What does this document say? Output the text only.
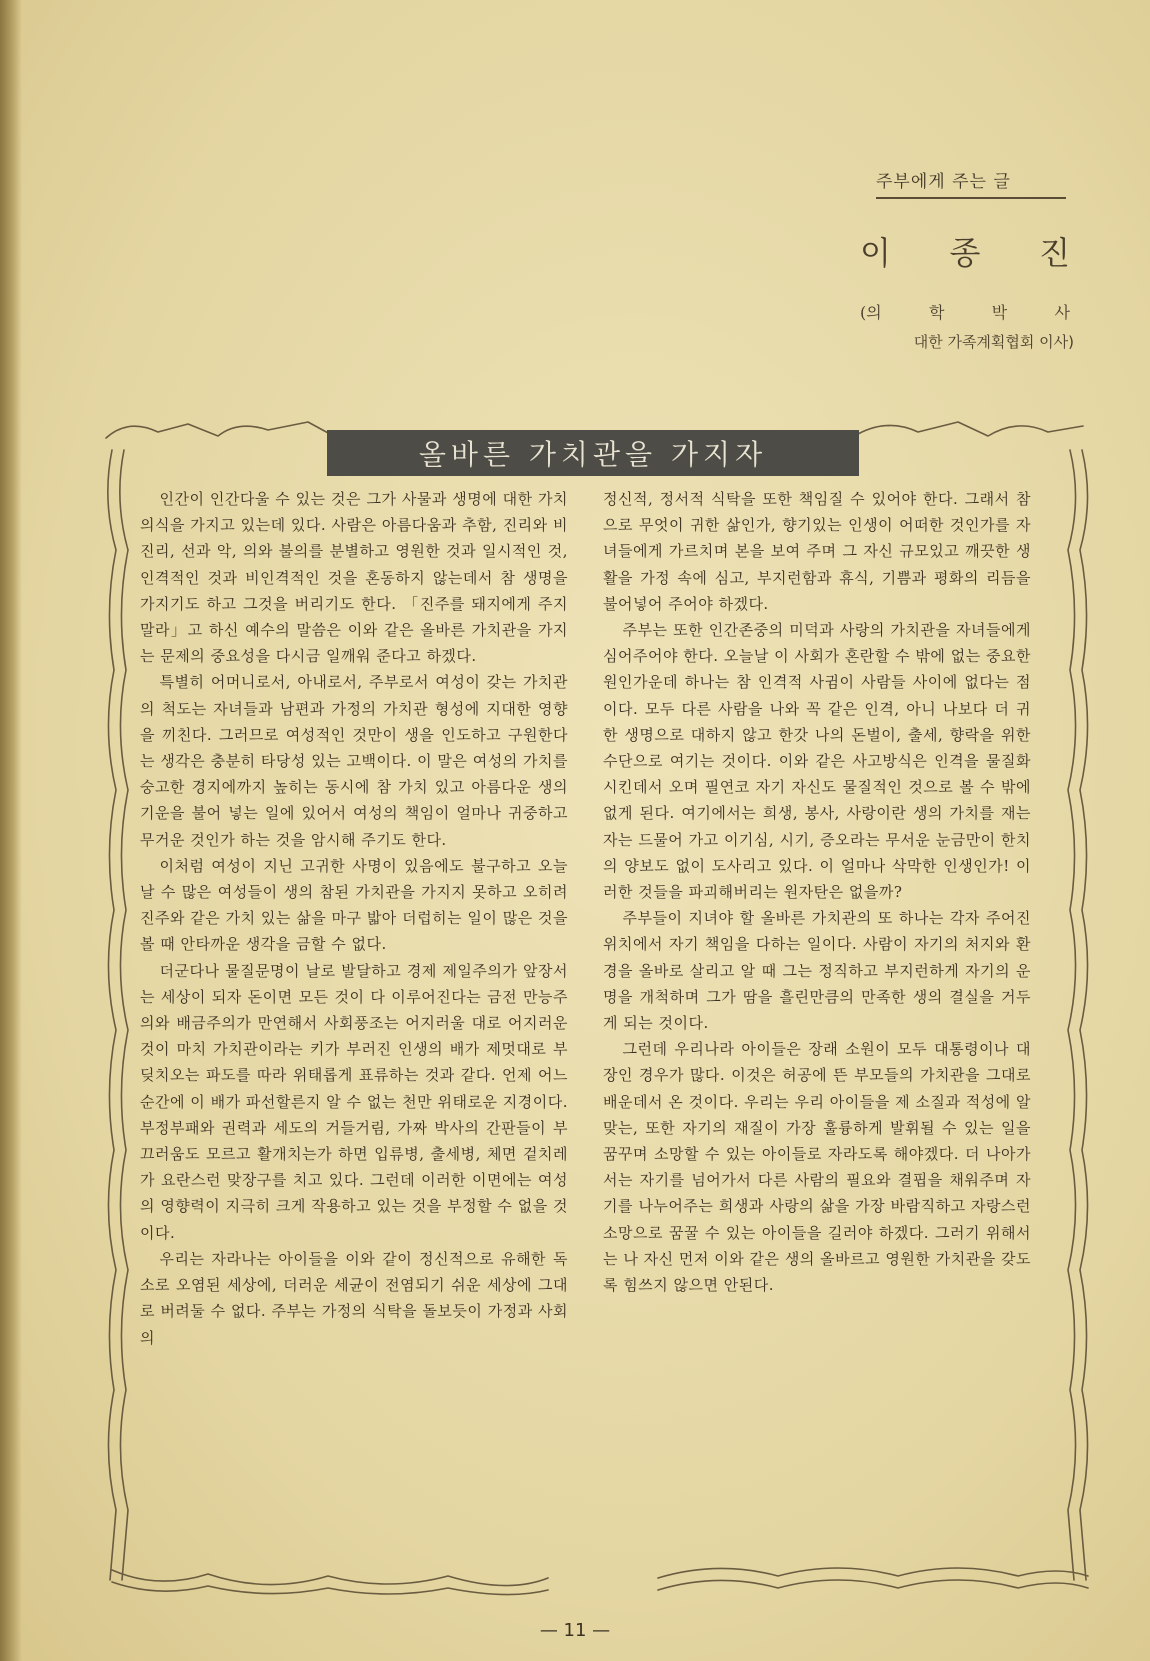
주부에게 주는 글
이 종 진
(의	학	박	사
대한 가족계획협회 이사)
올바른 가치관을 가지자

인간이 인간다울 수 있는 것은 그가 사물과 생명에 대한 가치의식을 가지고 있는데 있다. 사람은 아름다움과 추함, 진리와 비진리, 선과 악, 의와 불의를 분별하고 영원한 것과 일시적인 것, 인격적인 것과 비인격적인 것을 혼동하지 않는데서 참 생명을 가지기도 하고 그것을 버리기도 한다. 「진주를 돼지에게 주지 말라」고 하신 예수의 말씀은 이와 같은 올바른 가치관을 가지는 문제의 중요성을 다시금 일깨워 준다고 하겠다.

특별히 어머니로서, 아내로서, 주부로서 여성이 갖는 가치관의 척도는 자녀들과 남편과 가정의 가치관 형성에 지대한 영향을 끼친다. 그러므로 여성적인 것만이 생을 인도하고 구원한다는 생각은 충분히 타당성 있는 고백이다. 이 말은 여성의 가치를 숭고한 경지에까지 높히는 동시에 참 가치 있고 아름다운 생의 기운을 불어 넣는 일에 있어서 여성의 책임이 얼마나 귀중하고 무거운 것인가 하는 것을 암시해 주기도 한다.

이처럼 여성이 지닌 고귀한 사명이 있음에도 불구하고 오늘날 수 많은 여성들이 생의 참된 가치관을 가지지 못하고 오히려 진주와 같은 가치 있는 삶을 마구 밟아 더럽히는 일이 많은 것을 볼 때 안타까운 생각을 금할 수 없다.

더군다나 물질문명이 날로 발달하고 경제 제일주의가 앞장서는 세상이 되자 돈이면 모든 것이 다 이루어진다는 금전 만능주의와 배금주의가 만연해서 사회풍조는 어지러울 대로 어지러운 것이 마치 가치관이라는 키가 부러진 인생의 배가 제멋대로 부딪치오는 파도를 따라 위태롭게 표류하는 것과 같다. 언제 어느 순간에 이 배가 파선할른지 알 수 없는 천만 위태로운 지경이다. 부정부패와 권력과 세도의 거들거림, 가짜 박사의 간판들이 부끄러움도 모르고 활개치는가 하면 입류병, 출세병, 체면 겉치레가 요란스런 맞장구를 치고 있다. 그런데 이러한 이면에는 여성의 영향력이 지극히 크게 작용하고 있는 것을 부정할 수 없을 것이다.

우리는 자라나는 아이들을 이와 같이 정신적으로 유해한 독소로 오염된 세상에, 더러운 세균이 전염되기 쉬운 세상에 그대로 버려둘 수 없다. 주부는 가정의 식탁을 돌보듯이 가정과 사회의

정신적, 정서적 식탁을 또한 책임질 수 있어야 한다. 그래서 참으로 무엇이 귀한 삶인가, 향기있는 인생이 어떠한 것인가를 자녀들에게 가르치며 본을 보여 주며 그 자신 규모있고 깨끗한 생활을 가정 속에 심고, 부지런함과 휴식, 기쁨과 평화의 리듬을 불어넣어 주어야 하겠다.

주부는 또한 인간존중의 미덕과 사랑의 가치관을 자녀들에게 심어주어야 한다. 오늘날 이 사회가 혼란할 수 밖에 없는 중요한 원인가운데 하나는 참 인격적 사귐이 사람들 사이에 없다는 점이다. 모두 다른 사람을 나와 꼭 같은 인격, 아니 나보다 더 귀한 생명으로 대하지 않고 한갓 나의 돈벌이, 출세, 향락을 위한 수단으로 여기는 것이다. 이와 같은 사고방식은 인격을 물질화시킨데서 오며 필연코 자기 자신도 물질적인 것으로 볼 수 밖에 없게 된다. 여기에서는 희생, 봉사, 사랑이란 생의 가치를 재는 자는 드물어 가고 이기심, 시기, 증오라는 무서운 눈금만이 한치의 양보도 없이 도사리고 있다. 이 얼마나 삭막한 인생인가! 이러한 것들을 파괴해버리는 원자탄은 없을까?

주부들이 지녀야 할 올바른 가치관의 또 하나는 각자 주어진 위치에서 자기 책임을 다하는 일이다. 사람이 자기의 처지와 환경을 올바로 살리고 알 때 그는 정직하고 부지런하게 자기의 운명을 개척하며 그가 땀을 흘린만큼의 만족한 생의 결실을 거두게 되는 것이다.

그런데 우리나라 아이들은 장래 소원이 모두 대통령이나 대장인 경우가 많다. 이것은 허공에 뜬 부모들의 가치관을 그대로 배운데서 온 것이다. 우리는 우리 아이들을 제 소질과 적성에 알맞는, 또한 자기의 재질이 가장 훌륭하게 발휘될 수 있는 일을 꿈꾸며 소망할 수 있는 아이들로 자라도록 해야겠다. 더 나아가서는 자기를 넘어가서 다른 사람의 필요와 결핍을 채워주며 자기를 나누어주는 희생과 사랑의 삶을 가장 바람직하고 자랑스런 소망으로 꿈꿀 수 있는 아이들을 길러야 하겠다. 그러기 위해서는 나 자신 먼저 이와 같은 생의 올바르고 영원한 가치관을 갖도록 힘쓰지 않으면 안된다.

— 11 —
